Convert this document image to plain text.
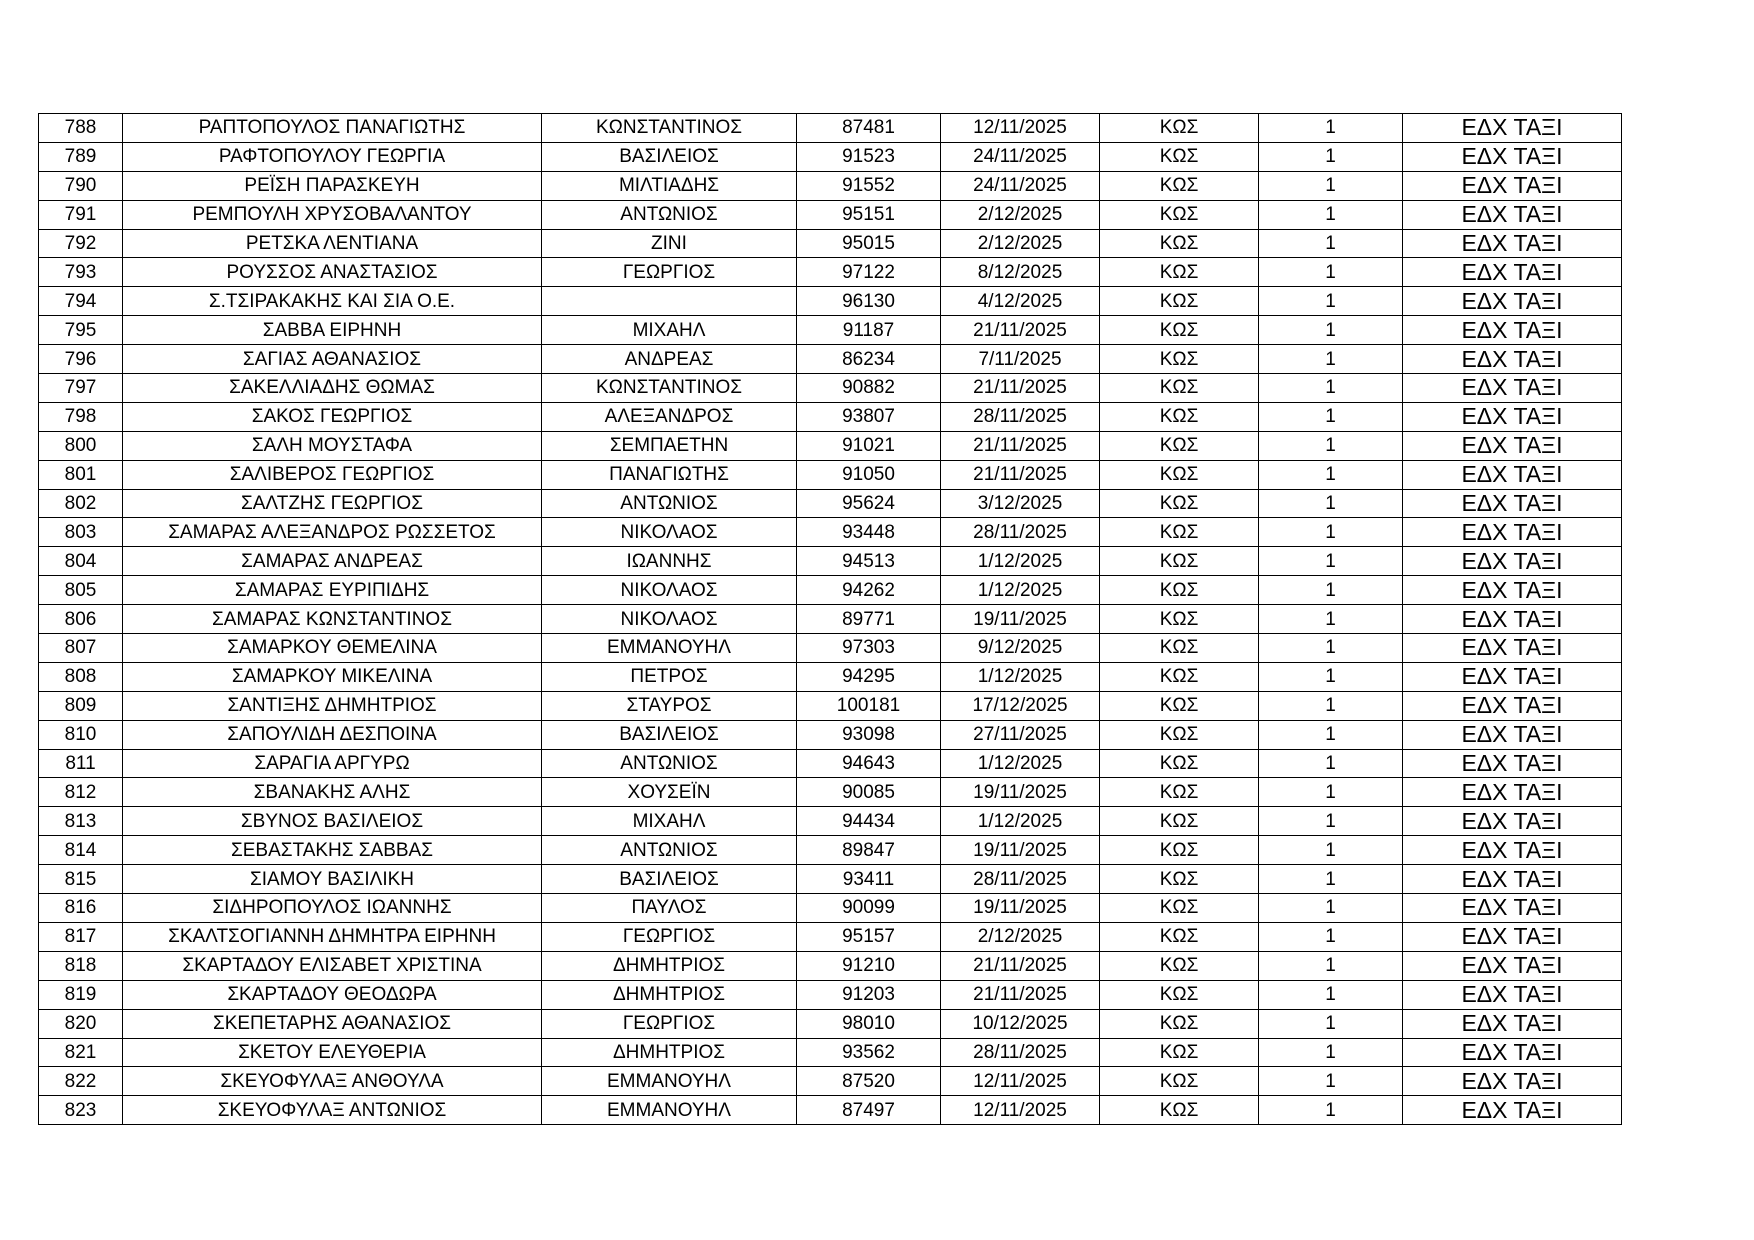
788	ΡΑΠΤΟΠΟΥΛΟΣ ΠΑΝΑΓΙΩΤΗΣ	ΚΩΝΣΤΑΝΤΙΝΟΣ	87481	12/11/2025	ΚΩΣ	1	ΕΔΧ ΤΑΞΙ
789	ΡΑΦΤΟΠΟΥΛΟΥ ΓΕΩΡΓΙΑ	ΒΑΣΙΛΕΙΟΣ	91523	24/11/2025	ΚΩΣ	1	ΕΔΧ ΤΑΞΙ
790	ΡΕΪΣΗ ΠΑΡΑΣΚΕΥΗ	ΜΙΛΤΙΑΔΗΣ	91552	24/11/2025	ΚΩΣ	1	ΕΔΧ ΤΑΞΙ
791	ΡΕΜΠΟΥΛΗ ΧΡΥΣΟΒΑΛΑΝΤΟΥ	ΑΝΤΩΝΙΟΣ	95151	2/12/2025	ΚΩΣ	1	ΕΔΧ ΤΑΞΙ
792	ΡΕΤΣΚΑ ΛΕΝΤΙΑΝΑ	ΖΙΝΙ	95015	2/12/2025	ΚΩΣ	1	ΕΔΧ ΤΑΞΙ
793	ΡΟΥΣΣΟΣ ΑΝΑΣΤΑΣΙΟΣ	ΓΕΩΡΓΙΟΣ	97122	8/12/2025	ΚΩΣ	1	ΕΔΧ ΤΑΞΙ
794	Σ.ΤΣΙΡΑΚΑΚΗΣ ΚΑΙ ΣΙΑ Ο.Ε.		96130	4/12/2025	ΚΩΣ	1	ΕΔΧ ΤΑΞΙ
795	ΣΑΒΒΑ ΕΙΡΗΝΗ	ΜΙΧΑΗΛ	91187	21/11/2025	ΚΩΣ	1	ΕΔΧ ΤΑΞΙ
796	ΣΑΓΙΑΣ ΑΘΑΝΑΣΙΟΣ	ΑΝΔΡΕΑΣ	86234	7/11/2025	ΚΩΣ	1	ΕΔΧ ΤΑΞΙ
797	ΣΑΚΕΛΛΙΑΔΗΣ ΘΩΜΑΣ	ΚΩΝΣΤΑΝΤΙΝΟΣ	90882	21/11/2025	ΚΩΣ	1	ΕΔΧ ΤΑΞΙ
798	ΣΑΚΟΣ ΓΕΩΡΓΙΟΣ	ΑΛΕΞΑΝΔΡΟΣ	93807	28/11/2025	ΚΩΣ	1	ΕΔΧ ΤΑΞΙ
800	ΣΑΛΗ ΜΟΥΣΤΑΦΑ	ΣΕΜΠΑΕΤΗΝ	91021	21/11/2025	ΚΩΣ	1	ΕΔΧ ΤΑΞΙ
801	ΣΑΛΙΒΕΡΟΣ ΓΕΩΡΓΙΟΣ	ΠΑΝΑΓΙΩΤΗΣ	91050	21/11/2025	ΚΩΣ	1	ΕΔΧ ΤΑΞΙ
802	ΣΑΛΤΖΗΣ ΓΕΩΡΓΙΟΣ	ΑΝΤΩΝΙΟΣ	95624	3/12/2025	ΚΩΣ	1	ΕΔΧ ΤΑΞΙ
803	ΣΑΜΑΡΑΣ ΑΛΕΞΑΝΔΡΟΣ ΡΩΣΣΕΤΟΣ	ΝΙΚΟΛΑΟΣ	93448	28/11/2025	ΚΩΣ	1	ΕΔΧ ΤΑΞΙ
804	ΣΑΜΑΡΑΣ ΑΝΔΡΕΑΣ	ΙΩΑΝΝΗΣ	94513	1/12/2025	ΚΩΣ	1	ΕΔΧ ΤΑΞΙ
805	ΣΑΜΑΡΑΣ ΕΥΡΙΠΙΔΗΣ	ΝΙΚΟΛΑΟΣ	94262	1/12/2025	ΚΩΣ	1	ΕΔΧ ΤΑΞΙ
806	ΣΑΜΑΡΑΣ ΚΩΝΣΤΑΝΤΙΝΟΣ	ΝΙΚΟΛΑΟΣ	89771	19/11/2025	ΚΩΣ	1	ΕΔΧ ΤΑΞΙ
807	ΣΑΜΑΡΚΟΥ ΘΕΜΕΛΙΝΑ	ΕΜΜΑΝΟΥΗΛ	97303	9/12/2025	ΚΩΣ	1	ΕΔΧ ΤΑΞΙ
808	ΣΑΜΑΡΚΟΥ ΜΙΚΕΛΙΝΑ	ΠΕΤΡΟΣ	94295	1/12/2025	ΚΩΣ	1	ΕΔΧ ΤΑΞΙ
809	ΣΑΝΤΙΞΗΣ ΔΗΜΗΤΡΙΟΣ	ΣΤΑΥΡΟΣ	100181	17/12/2025	ΚΩΣ	1	ΕΔΧ ΤΑΞΙ
810	ΣΑΠΟΥΛΙΔΗ ΔΕΣΠΟΙΝΑ	ΒΑΣΙΛΕΙΟΣ	93098	27/11/2025	ΚΩΣ	1	ΕΔΧ ΤΑΞΙ
811	ΣΑΡΑΓΙΑ ΑΡΓΥΡΩ	ΑΝΤΩΝΙΟΣ	94643	1/12/2025	ΚΩΣ	1	ΕΔΧ ΤΑΞΙ
812	ΣΒΑΝΑΚΗΣ ΑΛΗΣ	ΧΟΥΣΕΪΝ	90085	19/11/2025	ΚΩΣ	1	ΕΔΧ ΤΑΞΙ
813	ΣΒΥΝΟΣ ΒΑΣΙΛΕΙΟΣ	ΜΙΧΑΗΛ	94434	1/12/2025	ΚΩΣ	1	ΕΔΧ ΤΑΞΙ
814	ΣΕΒΑΣΤΑΚΗΣ ΣΑΒΒΑΣ	ΑΝΤΩΝΙΟΣ	89847	19/11/2025	ΚΩΣ	1	ΕΔΧ ΤΑΞΙ
815	ΣΙΑΜΟΥ ΒΑΣΙΛΙΚΗ	ΒΑΣΙΛΕΙΟΣ	93411	28/11/2025	ΚΩΣ	1	ΕΔΧ ΤΑΞΙ
816	ΣΙΔΗΡΟΠΟΥΛΟΣ ΙΩΑΝΝΗΣ	ΠΑΥΛΟΣ	90099	19/11/2025	ΚΩΣ	1	ΕΔΧ ΤΑΞΙ
817	ΣΚΑΛΤΣΟΓΙΑΝΝΗ ΔΗΜΗΤΡΑ ΕΙΡΗΝΗ	ΓΕΩΡΓΙΟΣ	95157	2/12/2025	ΚΩΣ	1	ΕΔΧ ΤΑΞΙ
818	ΣΚΑΡΤΑΔΟΥ ΕΛΙΣΑΒΕΤ ΧΡΙΣΤΙΝΑ	ΔΗΜΗΤΡΙΟΣ	91210	21/11/2025	ΚΩΣ	1	ΕΔΧ ΤΑΞΙ
819	ΣΚΑΡΤΑΔΟΥ ΘΕΟΔΩΡΑ	ΔΗΜΗΤΡΙΟΣ	91203	21/11/2025	ΚΩΣ	1	ΕΔΧ ΤΑΞΙ
820	ΣΚΕΠΕΤΑΡΗΣ ΑΘΑΝΑΣΙΟΣ	ΓΕΩΡΓΙΟΣ	98010	10/12/2025	ΚΩΣ	1	ΕΔΧ ΤΑΞΙ
821	ΣΚΕΤΟΥ ΕΛΕΥΘΕΡΙΑ	ΔΗΜΗΤΡΙΟΣ	93562	28/11/2025	ΚΩΣ	1	ΕΔΧ ΤΑΞΙ
822	ΣΚΕΥΟΦΥΛΑΞ ΑΝΘΟΥΛΑ	ΕΜΜΑΝΟΥΗΛ	87520	12/11/2025	ΚΩΣ	1	ΕΔΧ ΤΑΞΙ
823	ΣΚΕΥΟΦΥΛΑΞ ΑΝΤΩΝΙΟΣ	ΕΜΜΑΝΟΥΗΛ	87497	12/11/2025	ΚΩΣ	1	ΕΔΧ ΤΑΞΙ
